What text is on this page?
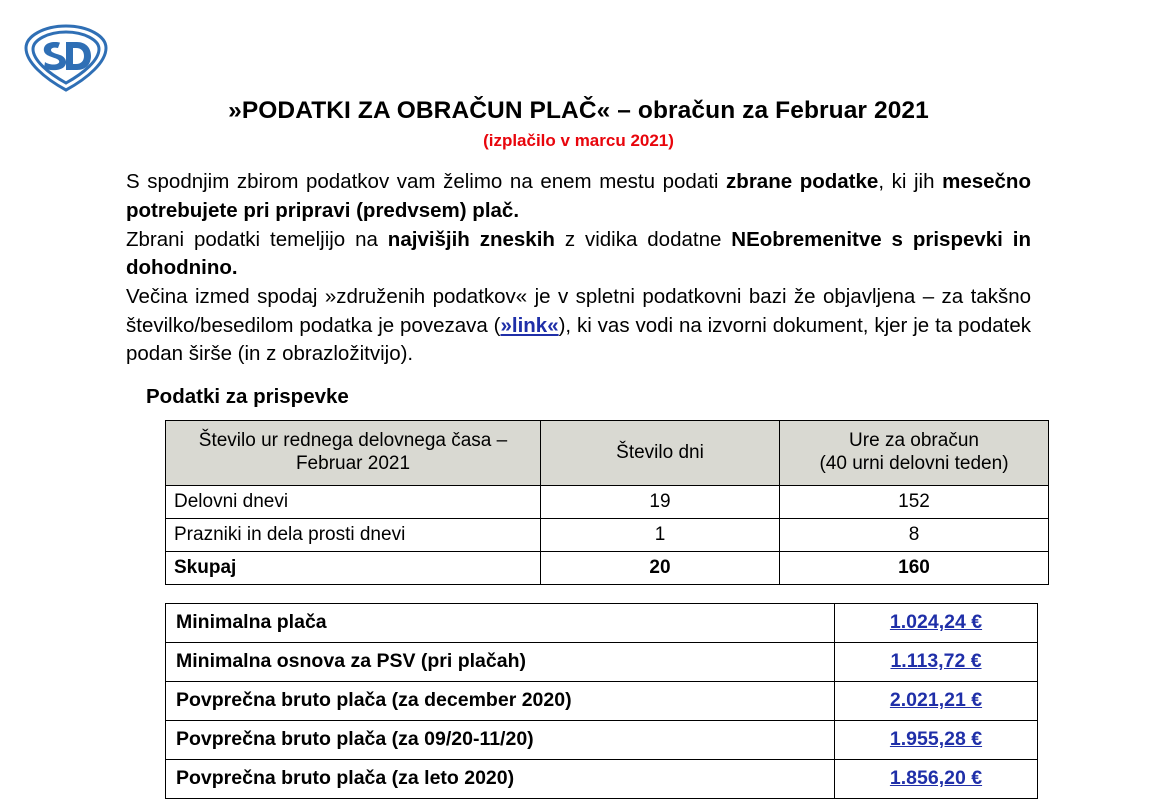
»PODATKI ZA OBRAČUN PLAČ« – obračun za Februar 2021
(izplačilo v marcu 2021)

S spodnjim zbirom podatkov vam želimo na enem mestu podati zbrane podatke, ki jih mesečno potrebujete pri pripravi (predvsem) plač.

Zbrani podatki temeljijo na najvišjih zneskih z vidika dodatne NEobremenitve s prispevki in dohodnino.

Večina izmed spodaj »združenih podatkov« je v spletni podatkovni bazi že objavljena – za takšno številko/besedilom podatka je povezava (»link«), ki vas vodi na izvorni dokument, kjer je ta podatek podan širše (in z obrazložitvijo).

Podatki za prispevke
Število ur rednega delovnega časa – Februar 2021	Število dni	Ure za obračun
(40 urni delovni teden)
Delovni dnevi	19	152
Prazniki in dela prosti dnevi	1	8
Skupaj	20	160
Minimalna plača	1.024,24 €
Minimalna osnova za PSV (pri plačah)	1.113,72 €
Povprečna bruto plača (za december 2020)	2.021,21 €
Povprečna bruto plača (za 09/20-11/20)	1.955,28 €
Povprečna bruto plača (za leto 2020)	1.856,20 €
